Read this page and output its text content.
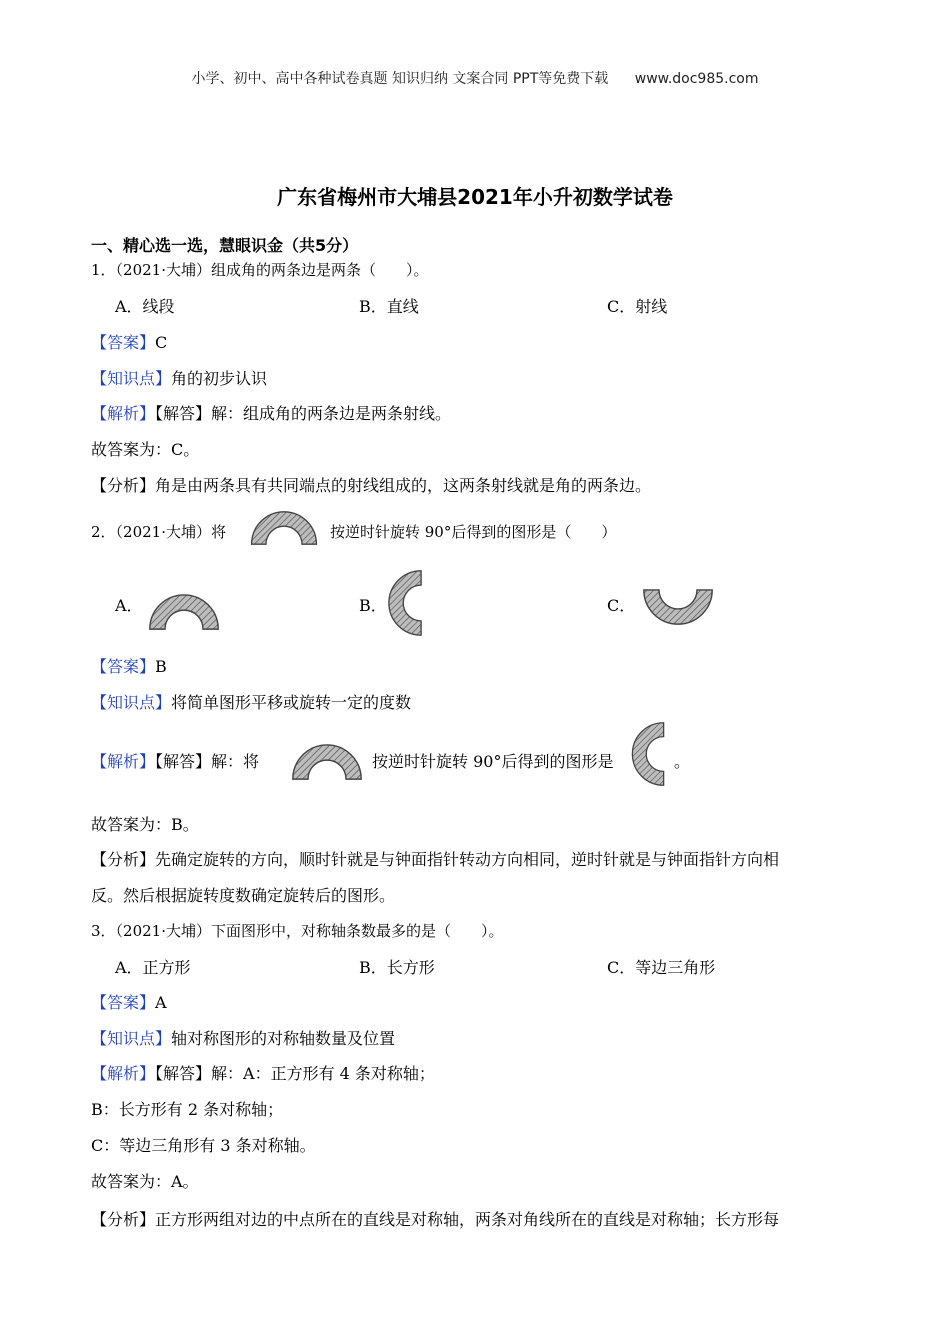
小学、初中、高中各种试卷真题 知识归纳 文案合同 PPT等免费下载 www.doc985.com
广东省梅州市大埔县2021年小升初数学试卷
一、精心选一选，慧眼识金（共5分）
1．（2021·大埔）组成角的两条边是两条（　　）。
A．线段	B．直线	C．射线
【答案】C
【知识点】角的初步认识
【解析】【解答】解：组成角的两条边是两条射线。
故答案为：C。
【分析】角是由两条具有共同端点的射线组成的，这两条射线就是角的两条边。
2．（2021·大埔）将	按逆时针旋转 90°后得到的图形是（　　）
A．	B．	C．
【答案】B
【知识点】将简单图形平移或旋转一定的度数
【解析】【解答】解：将	按逆时针旋转 90°后得到的图形是	。
故答案为：B。
【分析】先确定旋转的方向，顺时针就是与钟面指针转动方向相同，逆时针就是与钟面指针方向相
反。然后根据旋转度数确定旋转后的图形。
3．（2021·大埔）下面图形中，对称轴条数最多的是（　　）。
A．正方形	B．长方形	C．等边三角形
【答案】A
【知识点】轴对称图形的对称轴数量及位置
【解析】【解答】解：A：正方形有 4 条对称轴；
B：长方形有 2 条对称轴；
C：等边三角形有 3 条对称轴。
故答案为：A。
【分析】正方形两组对边的中点所在的直线是对称轴，两条对角线所在的直线是对称轴；长方形每
